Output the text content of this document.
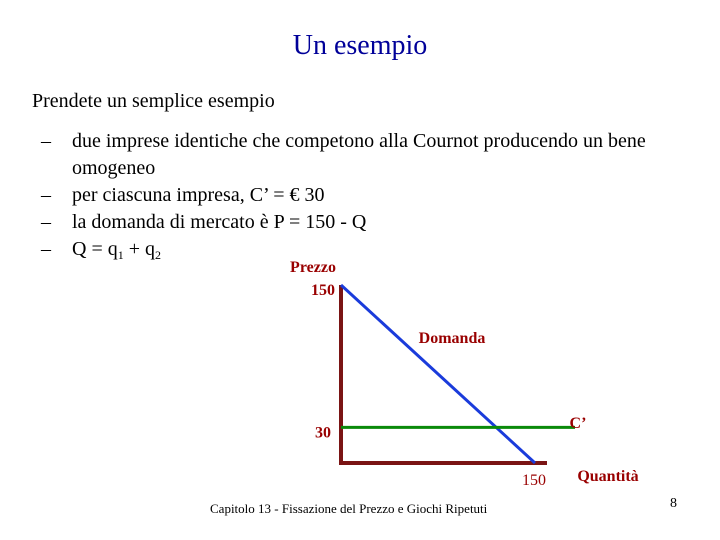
Un esempio
Prendete un semplice esempio
– due imprese identiche che competono alla Cournot producendo un bene omogeneo
– per ciascuna impresa, C’ = € 30
– la domanda di mercato è P = 150 - Q
– $Q = q_1 + q_2$
Prezzo
Quantità
150
30
150
Domanda
C’
Capitolo 13 - Fissazione del Prezzo e Giochi Ripetuti	8
